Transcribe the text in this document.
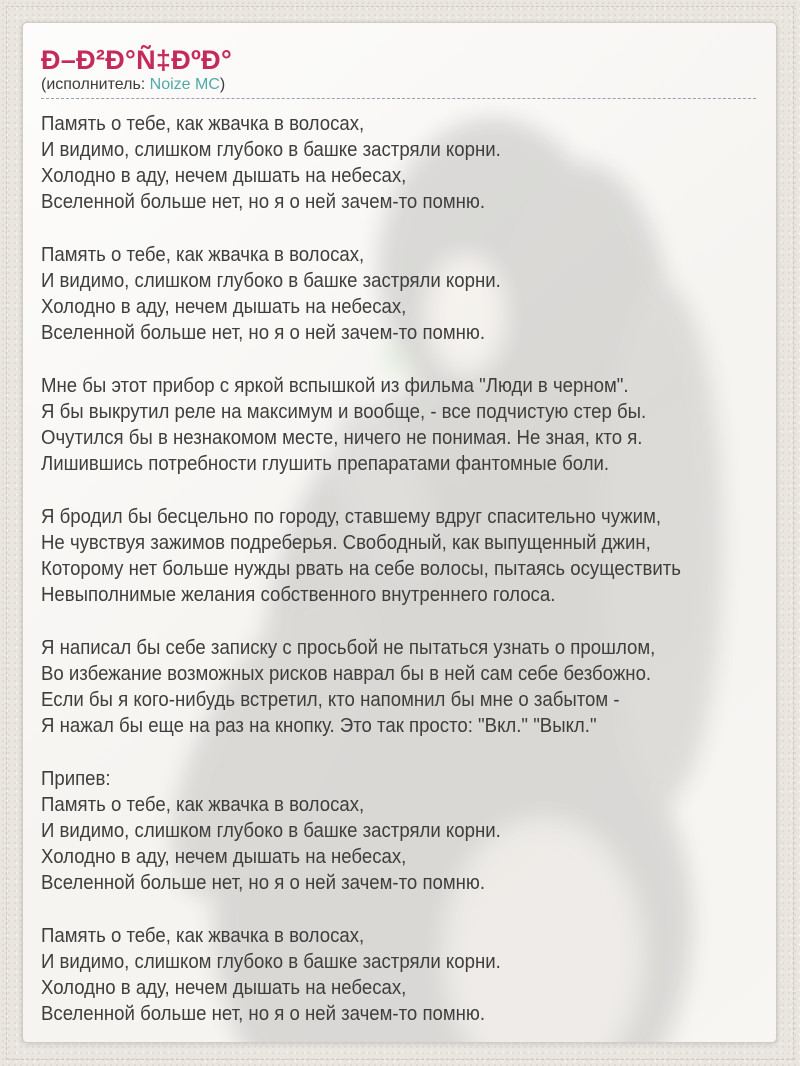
Ð–Ð²Ð°Ñ‡ÐºÐ°

(исполнитель: Noize MC)

Память о тебе, как жвачка в волосах,
И видимо, слишком глубоко в башке застряли корни.
Холодно в аду, нечем дышать на небесах,
Вселенной больше нет, но я о ней зачем-то помню.

Память о тебе, как жвачка в волосах,
И видимо, слишком глубоко в башке застряли корни.
Холодно в аду, нечем дышать на небесах,
Вселенной больше нет, но я о ней зачем-то помню.

Мне бы этот прибор с яркой вспышкой из фильма "Люди в черном".
Я бы выкрутил реле на максимум и вообще, - все подчистую стер бы.
Очутился бы в незнакомом месте, ничего не понимая. Не зная, кто я.
Лишившись потребности глушить препаратами фантомные боли.

Я бродил бы бесцельно по городу, ставшему вдруг спасительно чужим,
Не чувствуя зажимов подреберья. Свободный, как выпущенный джин,
Которому нет больше нужды рвать на себе волосы, пытаясь осуществить
Невыполнимые желания собственного внутреннего голоса.

Я написал бы себе записку с просьбой не пытаться узнать о прошлом,
Во избежание возможных рисков наврал бы в ней сам себе безбожно.
Если бы я кого-нибудь встретил, кто напомнил бы мне о забытом -
Я нажал бы еще на раз на кнопку. Это так просто: "Вкл." "Выкл."

Припев:
Память о тебе, как жвачка в волосах,
И видимо, слишком глубоко в башке застряли корни.
Холодно в аду, нечем дышать на небесах,
Вселенной больше нет, но я о ней зачем-то помню.

Память о тебе, как жвачка в волосах,
И видимо, слишком глубоко в башке застряли корни.
Холодно в аду, нечем дышать на небесах,
Вселенной больше нет, но я о ней зачем-то помню.
